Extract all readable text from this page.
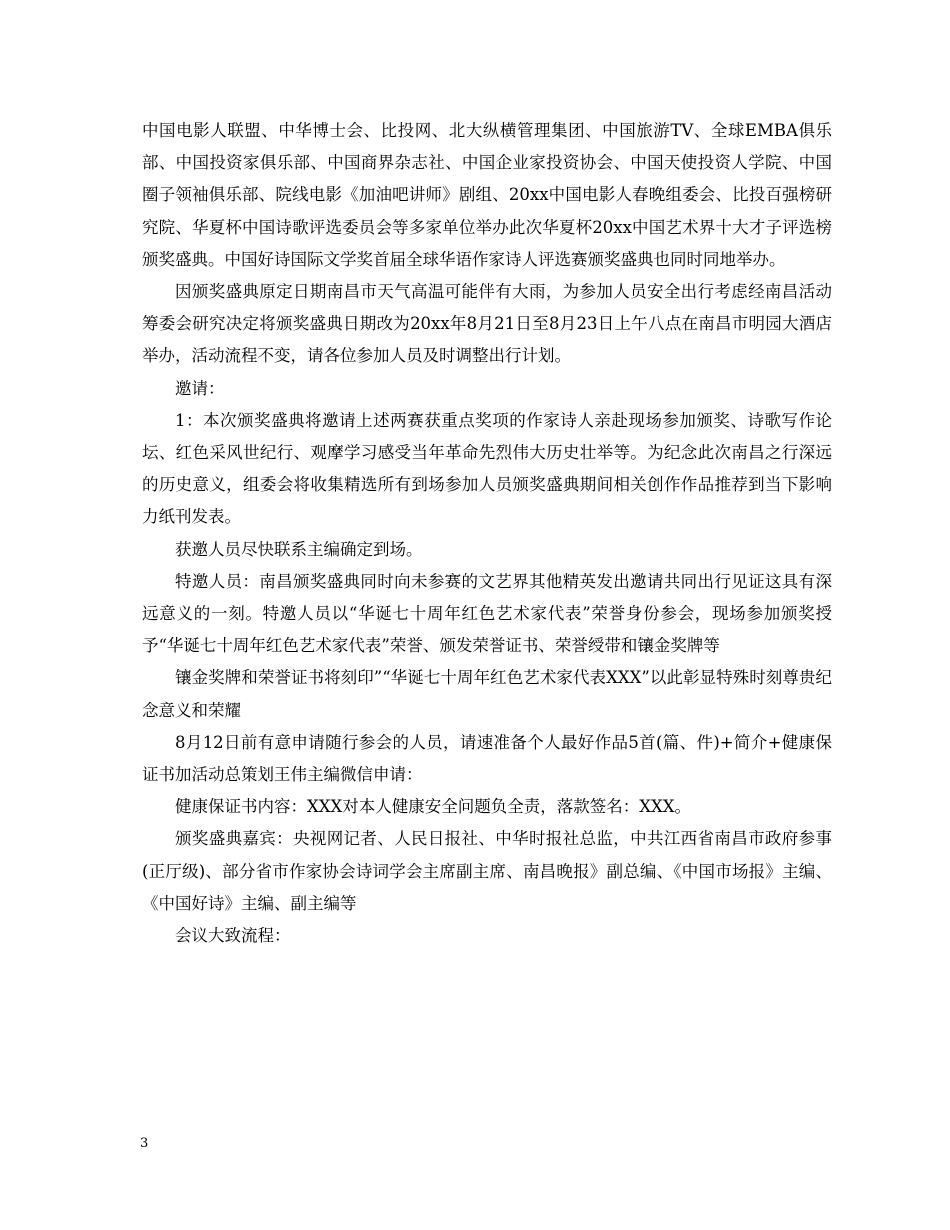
中国电影人联盟、中华博士会、比投网、北大纵横管理集团、中国旅游TV、全球EMBA俱乐部、中国投资家俱乐部、中国商界杂志社、中国企业家投资协会、中国天使投资人学院、中国圈子领袖俱乐部、院线电影《加油吧讲师》剧组、20xx中国电影人春晚组委会、比投百强榜研究院、华夏杯中国诗歌评选委员会等多家单位举办此次华夏杯20xx中国艺术界十大才子评选榜颁奖盛典。中国好诗国际文学奖首届全球华语作家诗人评选赛颁奖盛典也同时同地举办。

因颁奖盛典原定日期南昌市天气高温可能伴有大雨，为参加人员安全出行考虑经南昌活动筹委会研究决定将颁奖盛典日期改为20xx年8月21日至8月23日上午八点在南昌市明园大酒店举办，活动流程不变，请各位参加人员及时调整出行计划。

邀请：

1：本次颁奖盛典将邀请上述两赛获重点奖项的作家诗人亲赴现场参加颁奖、诗歌写作论坛、红色采风世纪行、观摩学习感受当年革命先烈伟大历史壮举等。为纪念此次南昌之行深远的历史意义，组委会将收集精选所有到场参加人员颁奖盛典期间相关创作作品推荐到当下影响力纸刊发表。

获邀人员尽快联系主编确定到场。

特邀人员：南昌颁奖盛典同时向未参赛的文艺界其他精英发出邀请共同出行见证这具有深远意义的一刻。特邀人员以“华诞七十周年红色艺术家代表”荣誉身份参会，现场参加颁奖授予“华诞七十周年红色艺术家代表”荣誉、颁发荣誉证书、荣誉绶带和镶金奖牌等

镶金奖牌和荣誉证书将刻印”“华诞七十周年红色艺术家代表XXX”以此彰显特殊时刻尊贵纪念意义和荣耀

8月12日前有意申请随行参会的人员，请速准备个人最好作品5首(篇、件)+简介+健康保证书加活动总策划王伟主编微信申请：

健康保证书内容：XXX对本人健康安全问题负全责，落款签名：XXX。

颁奖盛典嘉宾：央视网记者、人民日报社、中华时报社总监，中共江西省南昌市政府参事(正厅级)、部分省市作家协会诗词学会主席副主席、南昌晚报》副总编、《中国市场报》主编、《中国好诗》主编、副主编等

会议大致流程：

3
